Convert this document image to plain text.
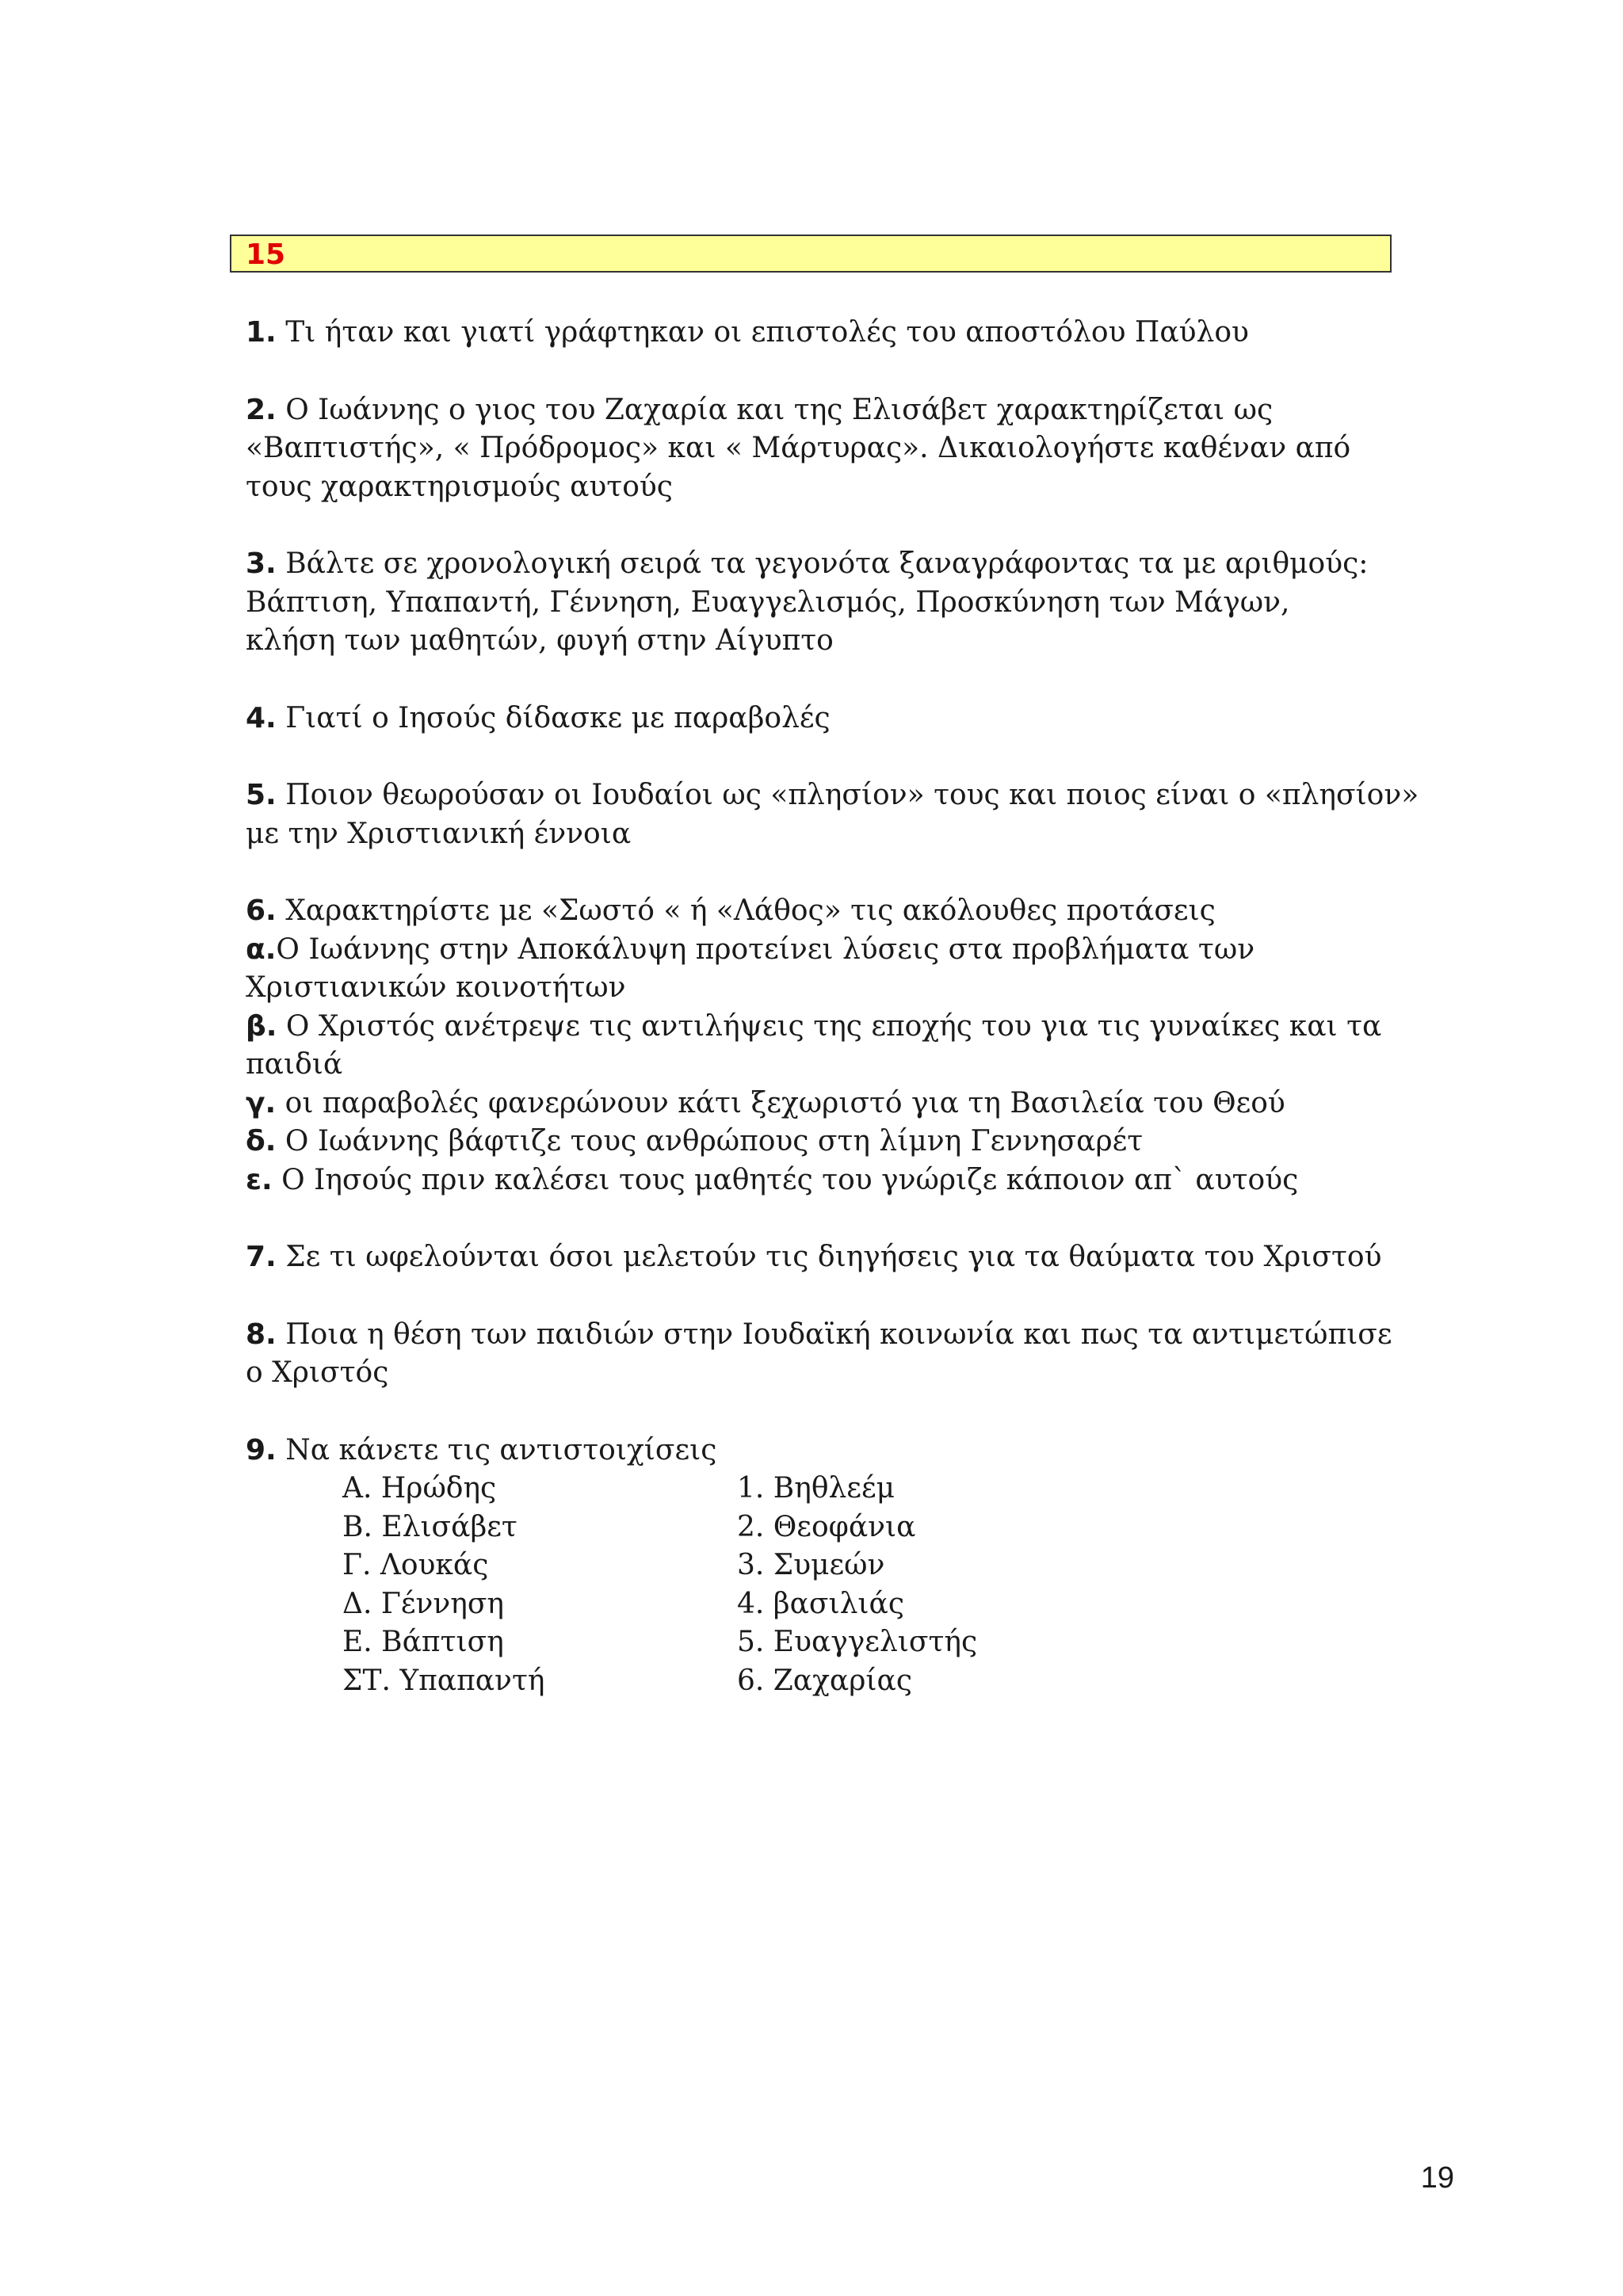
15
1. Τι ήταν και γιατί γράφτηκαν οι επιστολές του αποστόλου Παύλου
2. Ο Ιωάννης ο γιος του Ζαχαρία και της Ελισάβετ χαρακτηρίζεται ως
«Βαπτιστής», « Πρόδρομος» και « Μάρτυρας». Δικαιολογήστε καθέναν από
τους χαρακτηρισμούς αυτούς
3. Βάλτε σε χρονολογική σειρά τα γεγονότα ξαναγράφοντας τα με αριθμούς:
Βάπτιση, Υπαπαντή, Γέννηση, Ευαγγελισμός, Προσκύνηση των Μάγων,
κλήση των μαθητών, φυγή στην Αίγυπτο
4. Γιατί ο Ιησούς δίδασκε με παραβολές
5. Ποιον θεωρούσαν οι Ιουδαίοι ως «πλησίον» τους και ποιος είναι ο «πλησίον»
με την Χριστιανική έννοια
6. Χαρακτηρίστε με «Σωστό « ή «Λάθος» τις ακόλουθες προτάσεις
α.Ο Ιωάννης στην Αποκάλυψη προτείνει λύσεις στα προβλήματα των
Χριστιανικών κοινοτήτων
β. Ο Χριστός ανέτρεψε τις αντιλήψεις της εποχής του για τις γυναίκες και τα
παιδιά
γ. οι παραβολές φανερώνουν κάτι ξεχωριστό για τη Βασιλεία του Θεού
δ. Ο Ιωάννης βάφτιζε τους ανθρώπους στη λίμνη Γεννησαρέτ
ε. Ο Ιησούς πριν καλέσει τους μαθητές του γνώριζε κάποιον απ` αυτούς
7. Σε τι ωφελούνται όσοι μελετούν τις διηγήσεις για τα θαύματα του Χριστού
8. Ποια η θέση των παιδιών στην Ιουδαϊκή κοινωνία και πως τα αντιμετώπισε
ο Χριστός
9. Να κάνετε τις αντιστοιχίσεις
Α. Ηρώδης	1. Βηθλεέμ
Β. Ελισάβετ	2. Θεοφάνια
Γ. Λουκάς	3. Συμεών
Δ. Γέννηση	4. βασιλιάς
Ε. Βάπτιση	5. Ευαγγελιστής
ΣΤ. Υπαπαντή	6. Ζαχαρίας
19
